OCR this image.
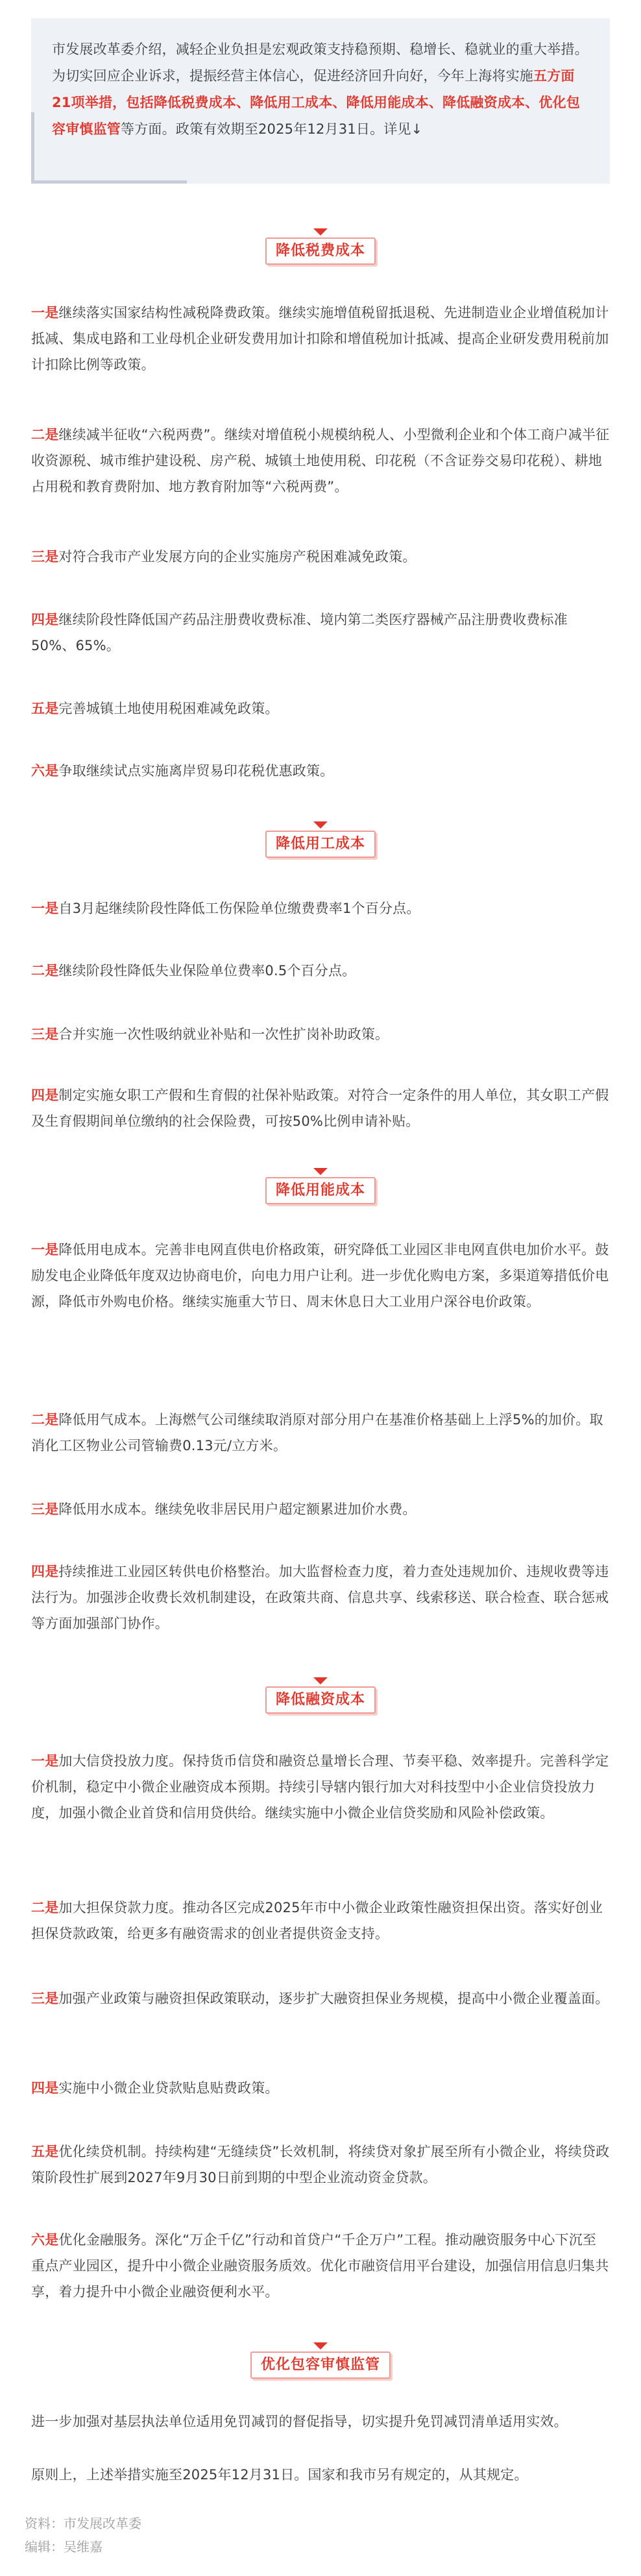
市发展改革委介绍，减轻企业负担是宏观政策支持稳预期、稳增长、稳就业的重大举措。为切实回应企业诉求，提振经营主体信心，促进经济回升向好，今年上海将实施五方面21项举措，包括降低税费成本、降低用工成本、降低用能成本、降低融资成本、优化包容审慎监管等方面。政策有效期至2025年12月31日。详见↓

降低税费成本

一是继续落实国家结构性减税降费政策。继续实施增值税留抵退税、先进制造业企业增值税加计抵减、集成电路和工业母机企业研发费用加计扣除和增值税加计抵减、提高企业研发费用税前加计扣除比例等政策。

二是继续减半征收“六税两费”。继续对增值税小规模纳税人、小型微利企业和个体工商户减半征收资源税、城市维护建设税、房产税、城镇土地使用税、印花税（不含证券交易印花税）、耕地占用税和教育费附加、地方教育附加等“六税两费”。

三是对符合我市产业发展方向的企业实施房产税困难减免政策。

四是继续阶段性降低国产药品注册费收费标准、境内第二类医疗器械产品注册费收费标准50%、65%。

五是完善城镇土地使用税困难减免政策。

六是争取继续试点实施离岸贸易印花税优惠政策。

降低用工成本

一是自3月起继续阶段性降低工伤保险单位缴费费率1个百分点。

二是继续阶段性降低失业保险单位费率0.5个百分点。

三是合并实施一次性吸纳就业补贴和一次性扩岗补助政策。

四是制定实施女职工产假和生育假的社保补贴政策。对符合一定条件的用人单位，其女职工产假及生育假期间单位缴纳的社会保险费，可按50%比例申请补贴。

降低用能成本

一是降低用电成本。完善非电网直供电价格政策，研究降低工业园区非电网直供电加价水平。鼓励发电企业降低年度双边协商电价，向电力用户让利。进一步优化购电方案，多渠道筹措低价电源，降低市外购电价格。继续实施重大节日、周末休息日大工业用户深谷电价政策。

二是降低用气成本。上海燃气公司继续取消原对部分用户在基准价格基础上上浮5%的加价。取消化工区物业公司管输费0.13元/立方米。

三是降低用水成本。继续免收非居民用户超定额累进加价水费。

四是持续推进工业园区转供电价格整治。加大监督检查力度，着力查处违规加价、违规收费等违法行为。加强涉企收费长效机制建设，在政策共商、信息共享、线索移送、联合检查、联合惩戒等方面加强部门协作。

降低融资成本

一是加大信贷投放力度。保持货币信贷和融资总量增长合理、节奏平稳、效率提升。完善科学定价机制，稳定中小微企业融资成本预期。持续引导辖内银行加大对科技型中小企业信贷投放力度，加强小微企业首贷和信用贷供给。继续实施中小微企业信贷奖励和风险补偿政策。

二是加大担保贷款力度。推动各区完成2025年市中小微企业政策性融资担保出资。落实好创业担保贷款政策，给更多有融资需求的创业者提供资金支持。

三是加强产业政策与融资担保政策联动，逐步扩大融资担保业务规模，提高中小微企业覆盖面。

四是实施中小微企业贷款贴息贴费政策。

五是优化续贷机制。持续构建“无缝续贷”长效机制，将续贷对象扩展至所有小微企业，将续贷政策阶段性扩展到2027年9月30日前到期的中型企业流动资金贷款。

六是优化金融服务。深化“万企千亿”行动和首贷户“千企万户”工程。推动融资服务中心下沉至重点产业园区，提升中小微企业融资服务质效。优化市融资信用平台建设，加强信用信息归集共享，着力提升中小微企业融资便利水平。

优化包容审慎监管

进一步加强对基层执法单位适用免罚减罚的督促指导，切实提升免罚减罚清单适用实效。

原则上，上述举措实施至2025年12月31日。国家和我市另有规定的，从其规定。

资料：市发展改革委
编辑：吴维嘉
